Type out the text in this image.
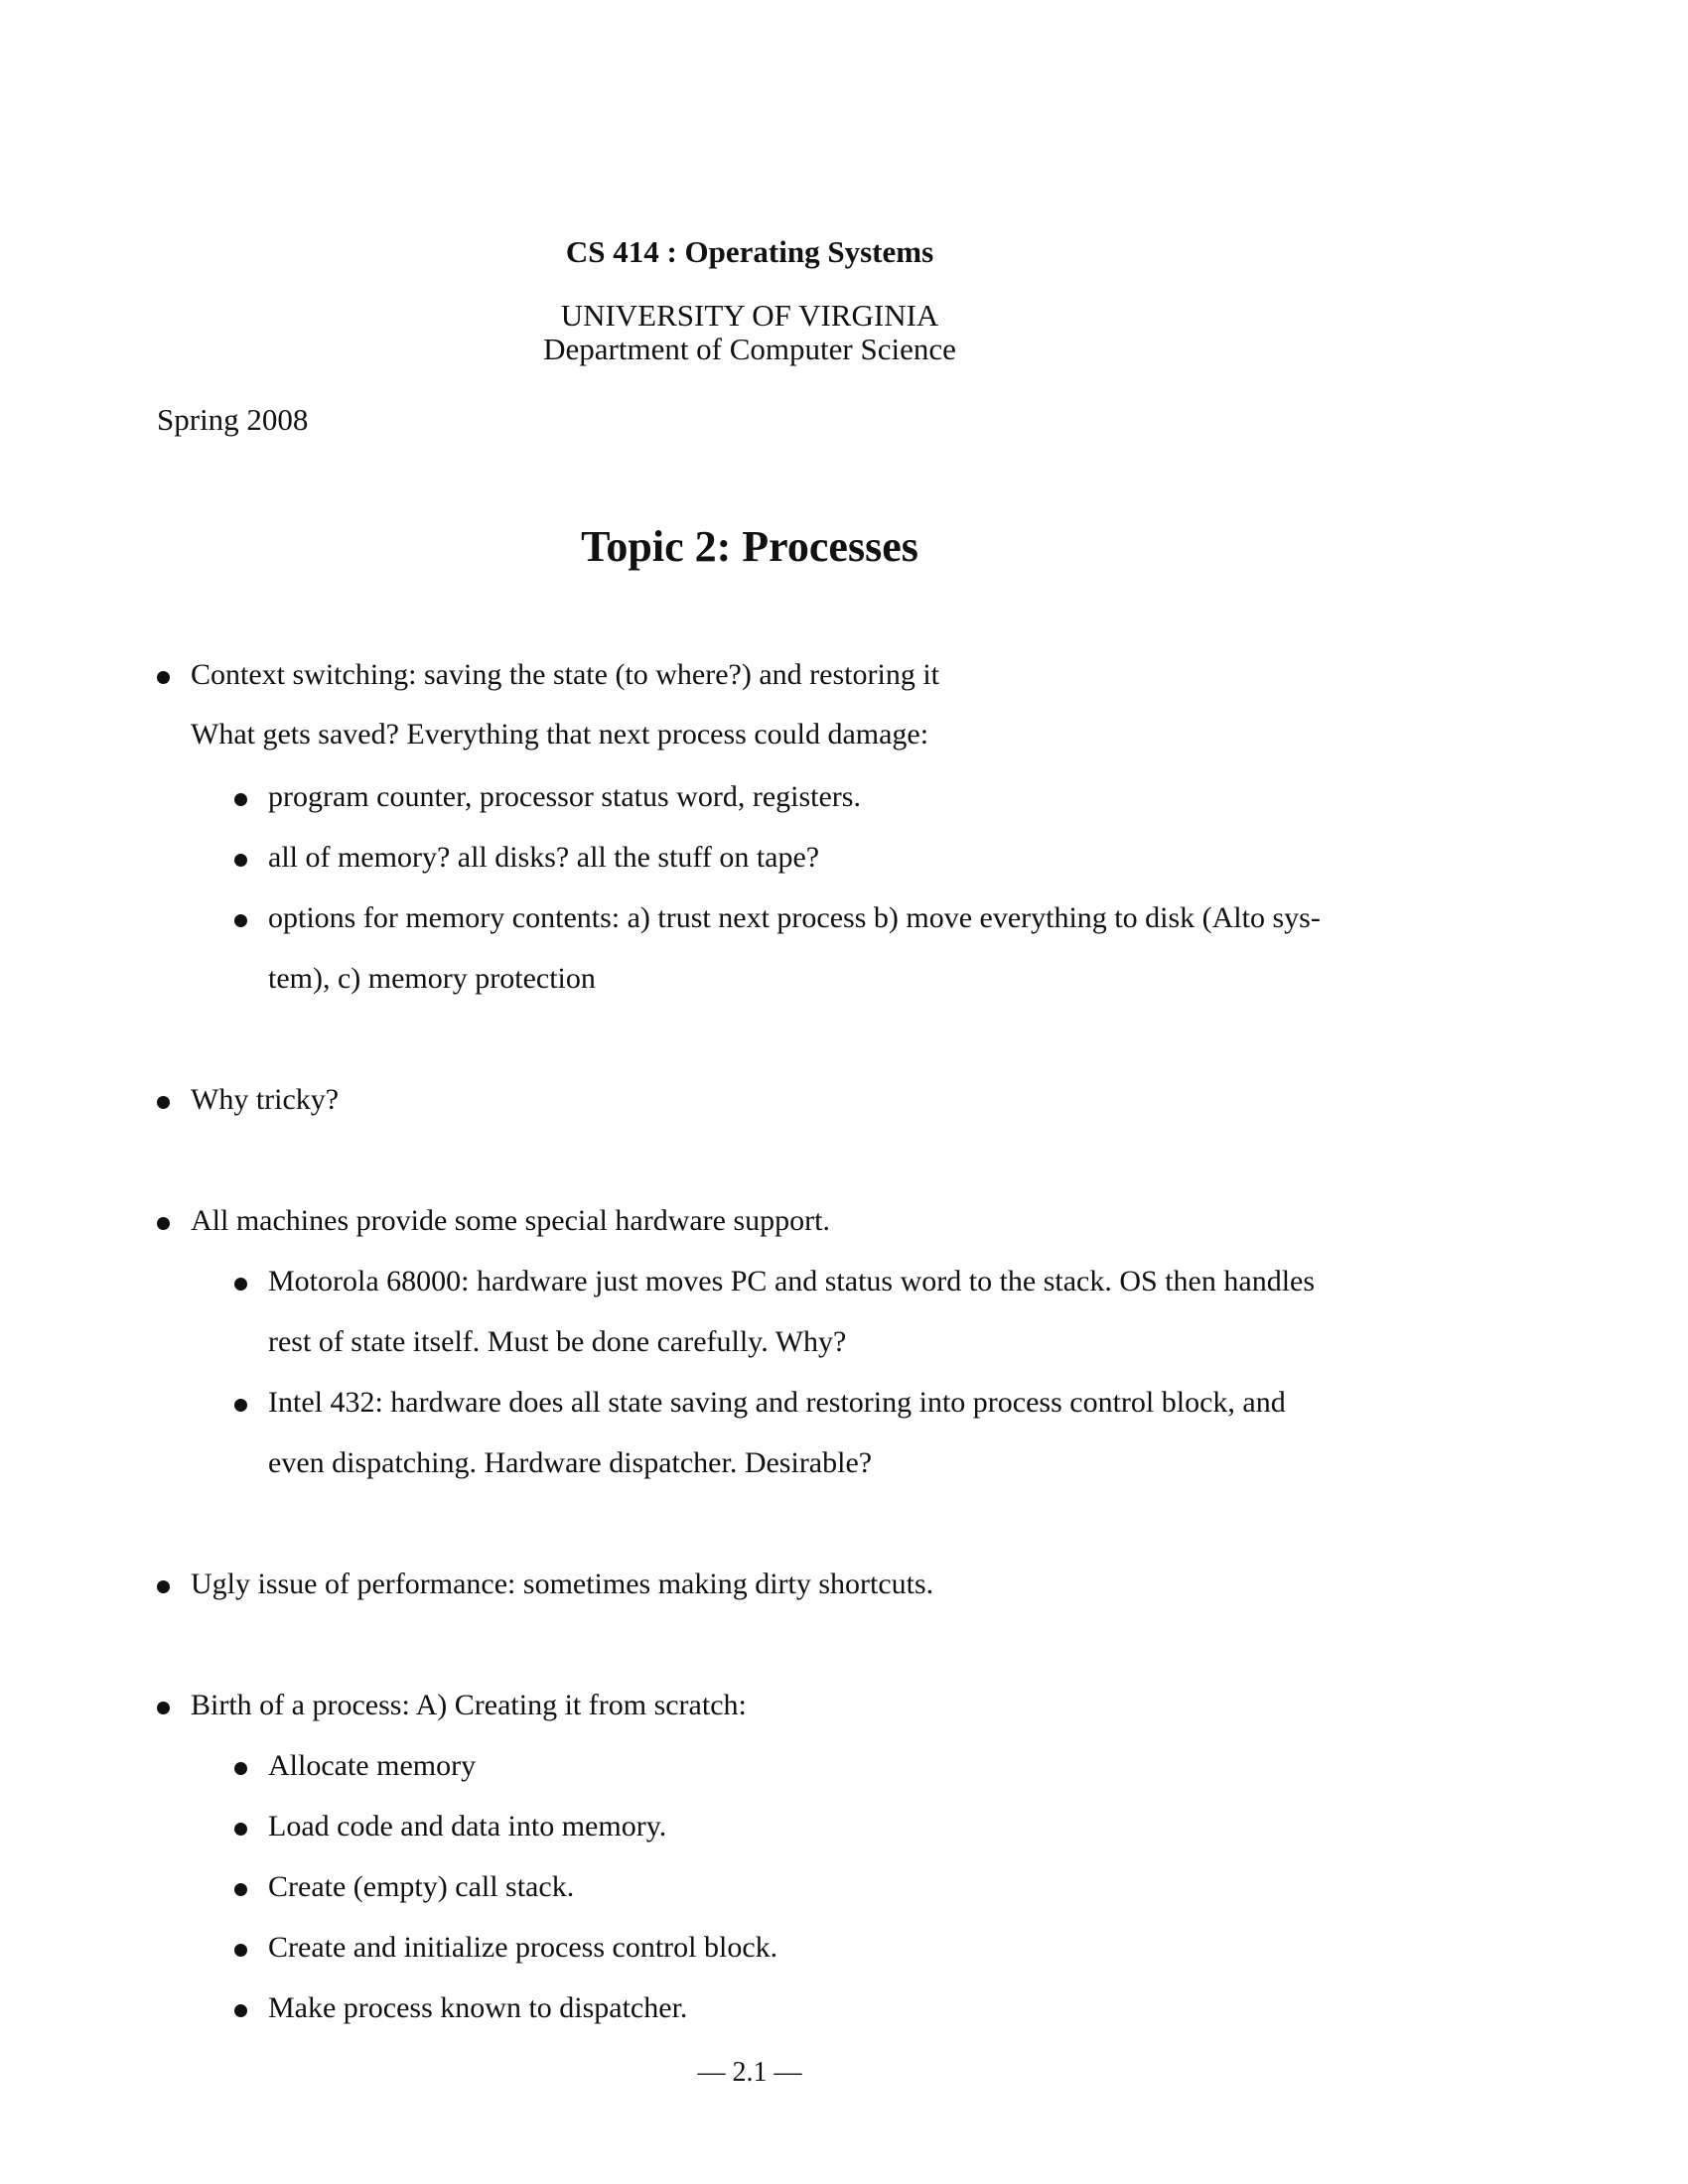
CS 414 : Operating Systems
UNIVERSITY OF VIRGINIA
Department of Computer Science
Spring 2008
Topic 2: Processes
Context switching: saving the state (to where?) and restoring it
What gets saved? Everything that next process could damage:
program counter, processor status word, registers.
all of memory? all disks? all the stuff on tape?
options for memory contents: a) trust next process b) move everything to disk (Alto sys-
tem), c) memory protection
Why tricky?
All machines provide some special hardware support.
Motorola 68000: hardware just moves PC and status word to the stack. OS then handles
rest of state itself. Must be done carefully. Why?
Intel 432: hardware does all state saving and restoring into process control block, and
even dispatching. Hardware dispatcher. Desirable?
Ugly issue of performance: sometimes making dirty shortcuts.
Birth of a process: A) Creating it from scratch:
Allocate memory
Load code and data into memory.
Create (empty) call stack.
Create and initialize process control block.
Make process known to dispatcher.
— 2.1 —
